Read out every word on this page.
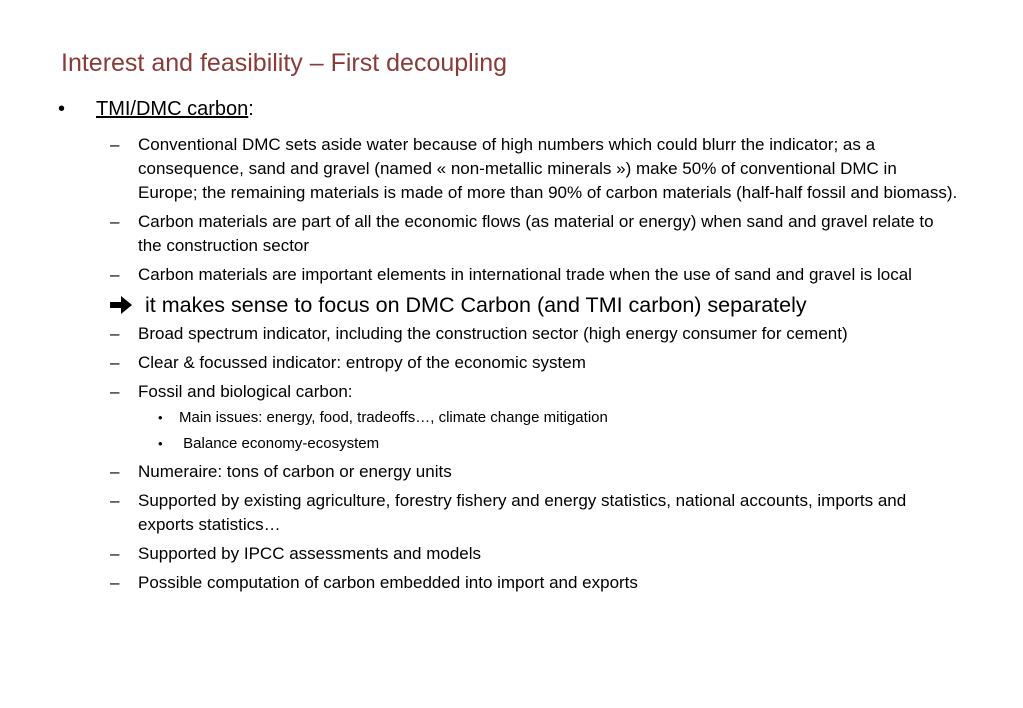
Interest and feasibility – First decoupling
• TMI/DMC carbon:
– Conventional DMC sets aside water because of high numbers which could blurr the indicator; as a consequence, sand and gravel (named « non-metallic minerals ») make 50% of conventional DMC in Europe; the remaining materials is made of more than 90% of carbon materials (half-half fossil and biomass).
– Carbon materials are part of all the economic flows (as material or energy) when sand and gravel relate to the construction sector
– Carbon materials are important elements in international trade when the use of sand and gravel is local
it makes sense to focus on DMC Carbon (and TMI carbon) separately
– Broad spectrum indicator, including the construction sector (high energy consumer for cement)
– Clear & focussed indicator: entropy of the economic system
– Fossil and biological carbon:
• Main issues: energy, food, tradeoffs…, climate change mitigation
• Balance economy-ecosystem
– Numeraire: tons of carbon or energy units
– Supported by existing agriculture, forestry fishery and energy statistics, national accounts, imports and exports statistics…
– Supported by IPCC assessments and models
– Possible computation of carbon embedded into import and exports
